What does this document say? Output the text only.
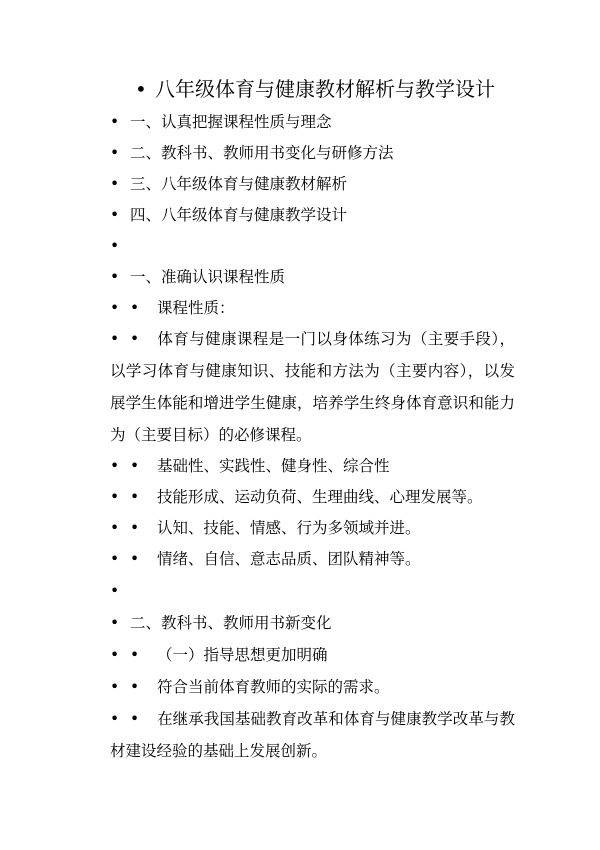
• 八年级体育与健康教材解析与教学设计
• 一、认真把握课程性质与理念
• 二、教科书、教师用书变化与研修方法
• 三、八年级体育与健康教材解析
• 四、八年级体育与健康教学设计
•
• 一、准确认识课程性质
• • 课程性质：
• • 体育与健康课程是一门以身体练习为（主要手段），以学习体育与健康知识、技能和方法为（主要内容），以发展学生体能和增进学生健康，培养学生终身体育意识和能力为（主要目标）的必修课程。
• • 基础性、实践性、健身性、综合性
• • 技能形成、运动负荷、生理曲线、心理发展等。
• • 认知、技能、情感、行为多领域并进。
• • 情绪、自信、意志品质、团队精神等。
•
• 二、教科书、教师用书新变化
• • （一）指导思想更加明确
• • 符合当前体育教师的实际的需求。
• • 在继承我国基础教育改革和体育与健康教学改革与教材建设经验的基础上发展创新。
